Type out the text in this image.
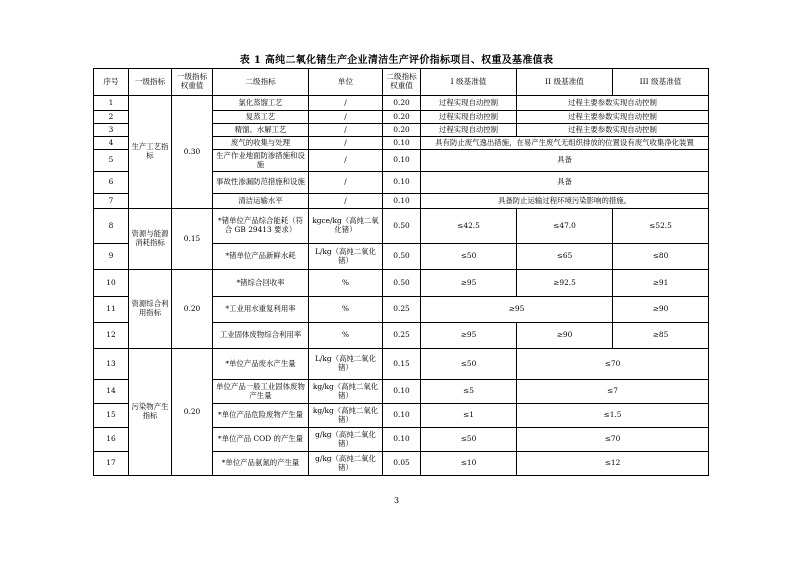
表 1 高纯二氧化锗生产企业清洁生产评价指标项目、权重及基准值表
序号	一级指标	一级指标权重值	二级指标	单位	二级指标权重值	I 级基准值	II 级基准值	III 级基准值
1	生产工艺指标	0.30	氯化蒸馏工艺	/	0.20	过程实现自动控制	过程主要参数实现自动控制	
2			复蒸工艺	/	0.20	过程实现自动控制	过程主要参数实现自动控制	
3			精馏、水解工艺	/	0.20	过程实现自动控制	过程主要参数实现自动控制	
4			废气的收集与处理	/	0.10	具有防止废气逸出措施，在易产生废气无组织排放的位置设有废气收集净化装置		
5			生产作业地面防渗措施和设施	/	0.10	具备		
6			事故性渗漏防范措施和设施	/	0.10	具备		
7			清洁运输水平	/	0.10	具备防止运输过程环境污染影响的措施。		
8	资源与能源消耗指标	0.15	*锗单位产品综合能耗（符合 GB 29413 要求）	kgce/kg（高纯二氧化锗）	0.50	≤42.5	≤47.0	≤52.5
9			*锗单位产品新鲜水耗	L/kg（高纯二氧化锗）	0.50	≤50	≤65	≤80
10	资源综合利用指标	0.20	*锗综合回收率	%	0.50	≥95	≥92.5	≥91
11			*工业用水重复利用率	%	0.25	≥95		≥90
12			工业固体废物综合利用率	%	0.25	≥95	≥90	≥85
13	污染物产生指标	0.20	*单位产品废水产生量	L/kg（高纯二氧化锗）	0.15	≤50	≤70	
14			单位产品一般工业固体废物产生量	kg/kg（高纯二氧化锗）	0.10	≤5	≤7	
15			*单位产品危险废物产生量	kg/kg（高纯二氧化锗）	0.10	≤1	≤1.5	
16			*单位产品 COD 的产生量	g/kg（高纯二氧化锗）	0.10	≤50	≤70	
17			*单位产品氨氮的产生量	g/kg（高纯二氧化锗）	0.05	≤10	≤12	
3
